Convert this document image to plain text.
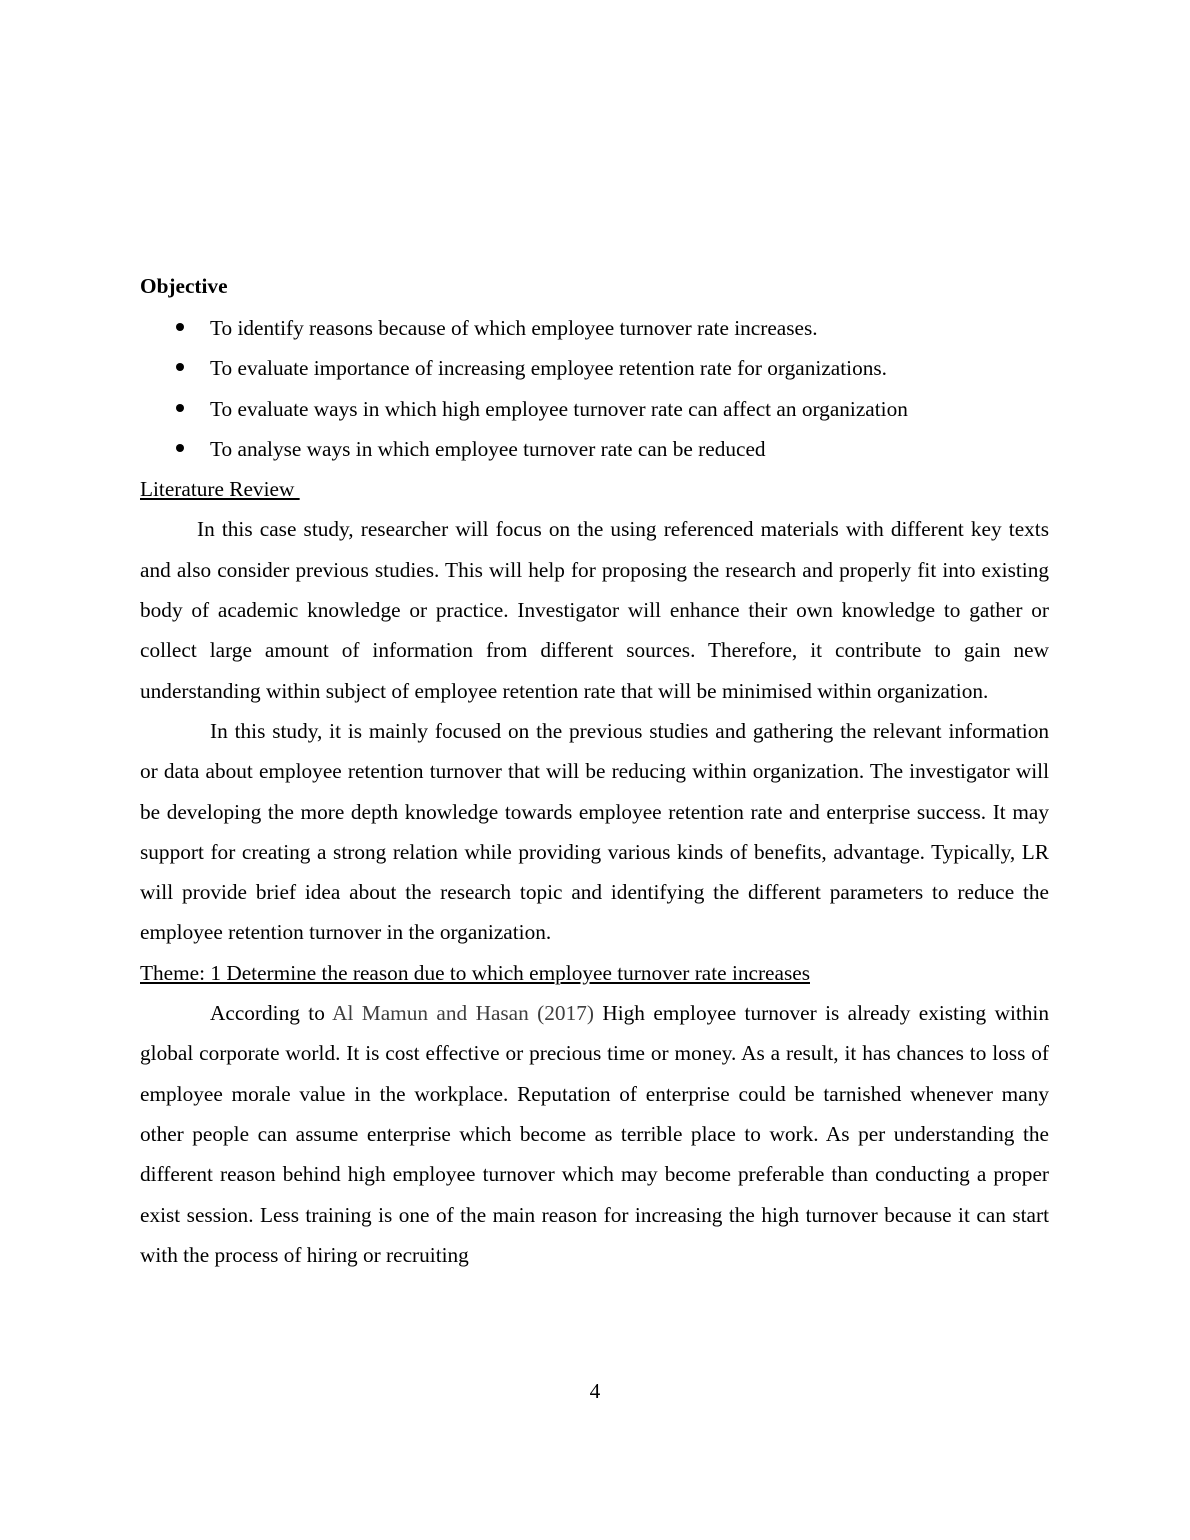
Objective
To identify reasons because of which employee turnover rate increases.
To evaluate importance of increasing employee retention rate for organizations.
To evaluate ways in which high employee turnover rate can affect an organization
To analyse ways in which employee turnover rate can be reduced
Literature Review

In this case study, researcher will focus on the using referenced materials with different key texts and also consider previous studies. This will help for proposing the research and properly fit into existing body of academic knowledge or practice. Investigator will enhance their own knowledge to gather or collect large amount of information from different sources. Therefore, it contribute to gain new understanding within subject of employee retention rate that will be minimised within organization.

In this study, it is mainly focused on the previous studies and gathering the relevant information or data about employee retention turnover that will be reducing within organization. The investigator will be developing the more depth knowledge towards employee retention rate and enterprise success. It may support for creating a strong relation while providing various kinds of benefits, advantage. Typically, LR will provide brief idea about the research topic and identifying the different parameters to reduce the employee retention turnover in the organization.

Theme: 1 Determine the reason due to which employee turnover rate increases

According to Al Mamun and Hasan (2017) High employee turnover is already existing within global corporate world. It is cost effective or precious time or money. As a result, it has chances to loss of employee morale value in the workplace. Reputation of enterprise could be tarnished whenever many other people can assume enterprise which become as terrible place to work. As per understanding the different reason behind high employee turnover which may become preferable than conducting a proper exist session. Less training is one of the main reason for increasing the high turnover because it can start with the process of hiring or recruiting

4
